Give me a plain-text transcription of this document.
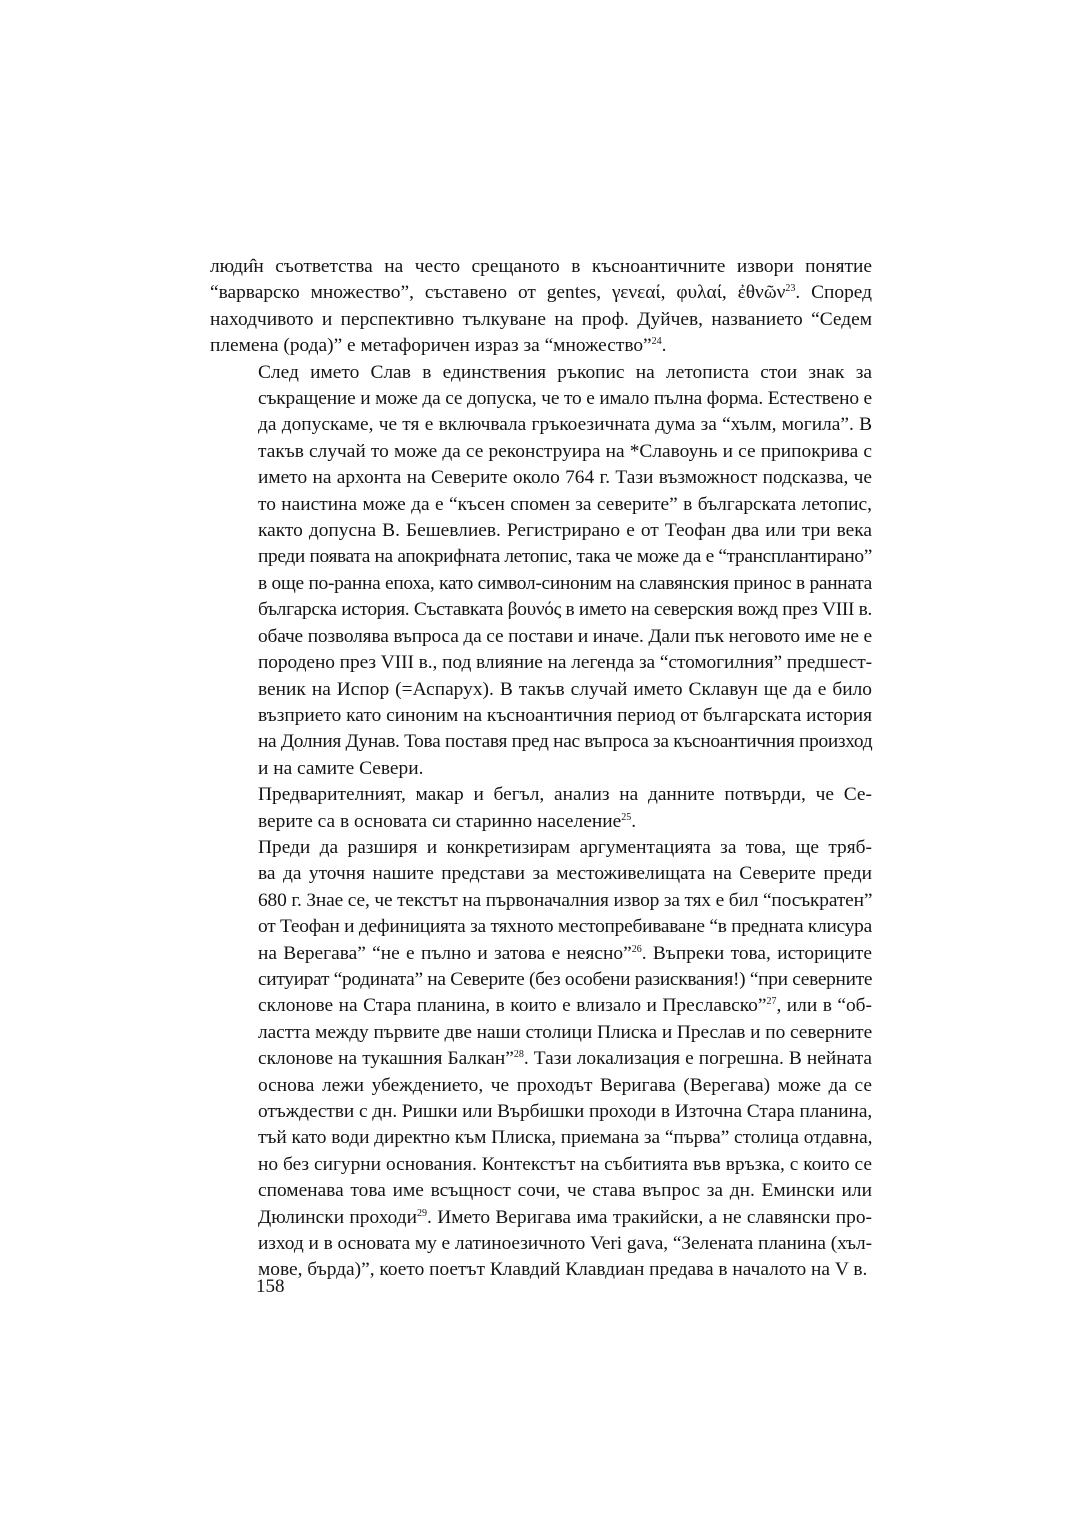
люди̂н съответства на често срещаното в късноантичните извори понятие
“варварско множество”, съставено от gentes, γενεαί, φυλαί, ἐθνῶν$^{23}$. Според
находчивото и перспективно тълкуване на проф. Дуйчев, названието “Седем
племена (рода)” е метафоричен израз за “множество”$^{24}$.
След името Слав в единствения ръкопис на летописта стои знак за
съкращение и може да се допуска, че то е имало пълна форма. Естествено е
да допускаме, че тя е включвала гръкоезичната дума за “хълм, могила”. В
такъв случай то може да се реконструира на *Славоунь и се припокрива с
името на архонта на Северите около 764 г. Тази възможност подсказва, че
то наистина може да е “късен спомен за северите” в българската летопис,
както допусна В. Бешевлиев. Регистрирано е от Теофан два или три века
преди появата на апокрифната летопис, така че може да е “трансплантирано”
в още по-ранна епоха, като символ-синоним на славянския принос в ранната
българска история. Съставката βουνός в името на северския вожд през VIII в.
обаче позволява въпроса да се постави и иначе. Дали пък неговото име не е
породено през VIII в., под влияние на легенда за “стомогилния” предшест-
веник на Испор (=Аспарух). В такъв случай името Склавун ще да е било
възприето като синоним на късноантичния период от българската история
на Долния Дунав. Това поставя пред нас въпроса за късноантичния произход
и на самите Севери.
Предварителният, макар и бегъл, анализ на данните потвърди, че Се-
верите са в основата си старинно население$^{25}$.
Преди да разширя и конкретизирам аргументацията за това, ще тряб-
ва да уточня нашите представи за местоживелищата на Северите преди
680 г. Знае се, че текстът на първоначалния извор за тях е бил “посъкратен”
от Теофан и дефиницията за тяхното местопребиваване “в предната клисура
на Верегава” “не е пълно и затова е неясно”$^{26}$. Въпреки това, историците
ситуират “родината” на Северите (без особени разисквания!) “при северните
склонове на Стара планина, в които е влизало и Преславско”$^{27}$, или в “об-
ластта между първите две наши столици Плиска и Преслав и по северните
склонове на тукашния Балкан”$^{28}$. Тази локализация е погрешна. В нейната
основа лежи убеждението, че проходът Веригава (Верегава) може да се
отъждестви с дн. Ришки или Върбишки проходи в Източна Стара планина,
тъй като води директно към Плиска, приемана за “първа” столица отдавна,
но без сигурни основания. Контекстът на събитията във връзка, с които се
споменава това име всъщност сочи, че става въпрос за дн. Емински или
Дюлински проходи$^{29}$. Името Веригава има тракийски, а не славянски про-
изход и в основата му е латиноезичното Veri gava, “Зелената планина (хъл-
мове, бърда)”, което поетът Клавдий Клавдиан предава в началото на V в.
158
